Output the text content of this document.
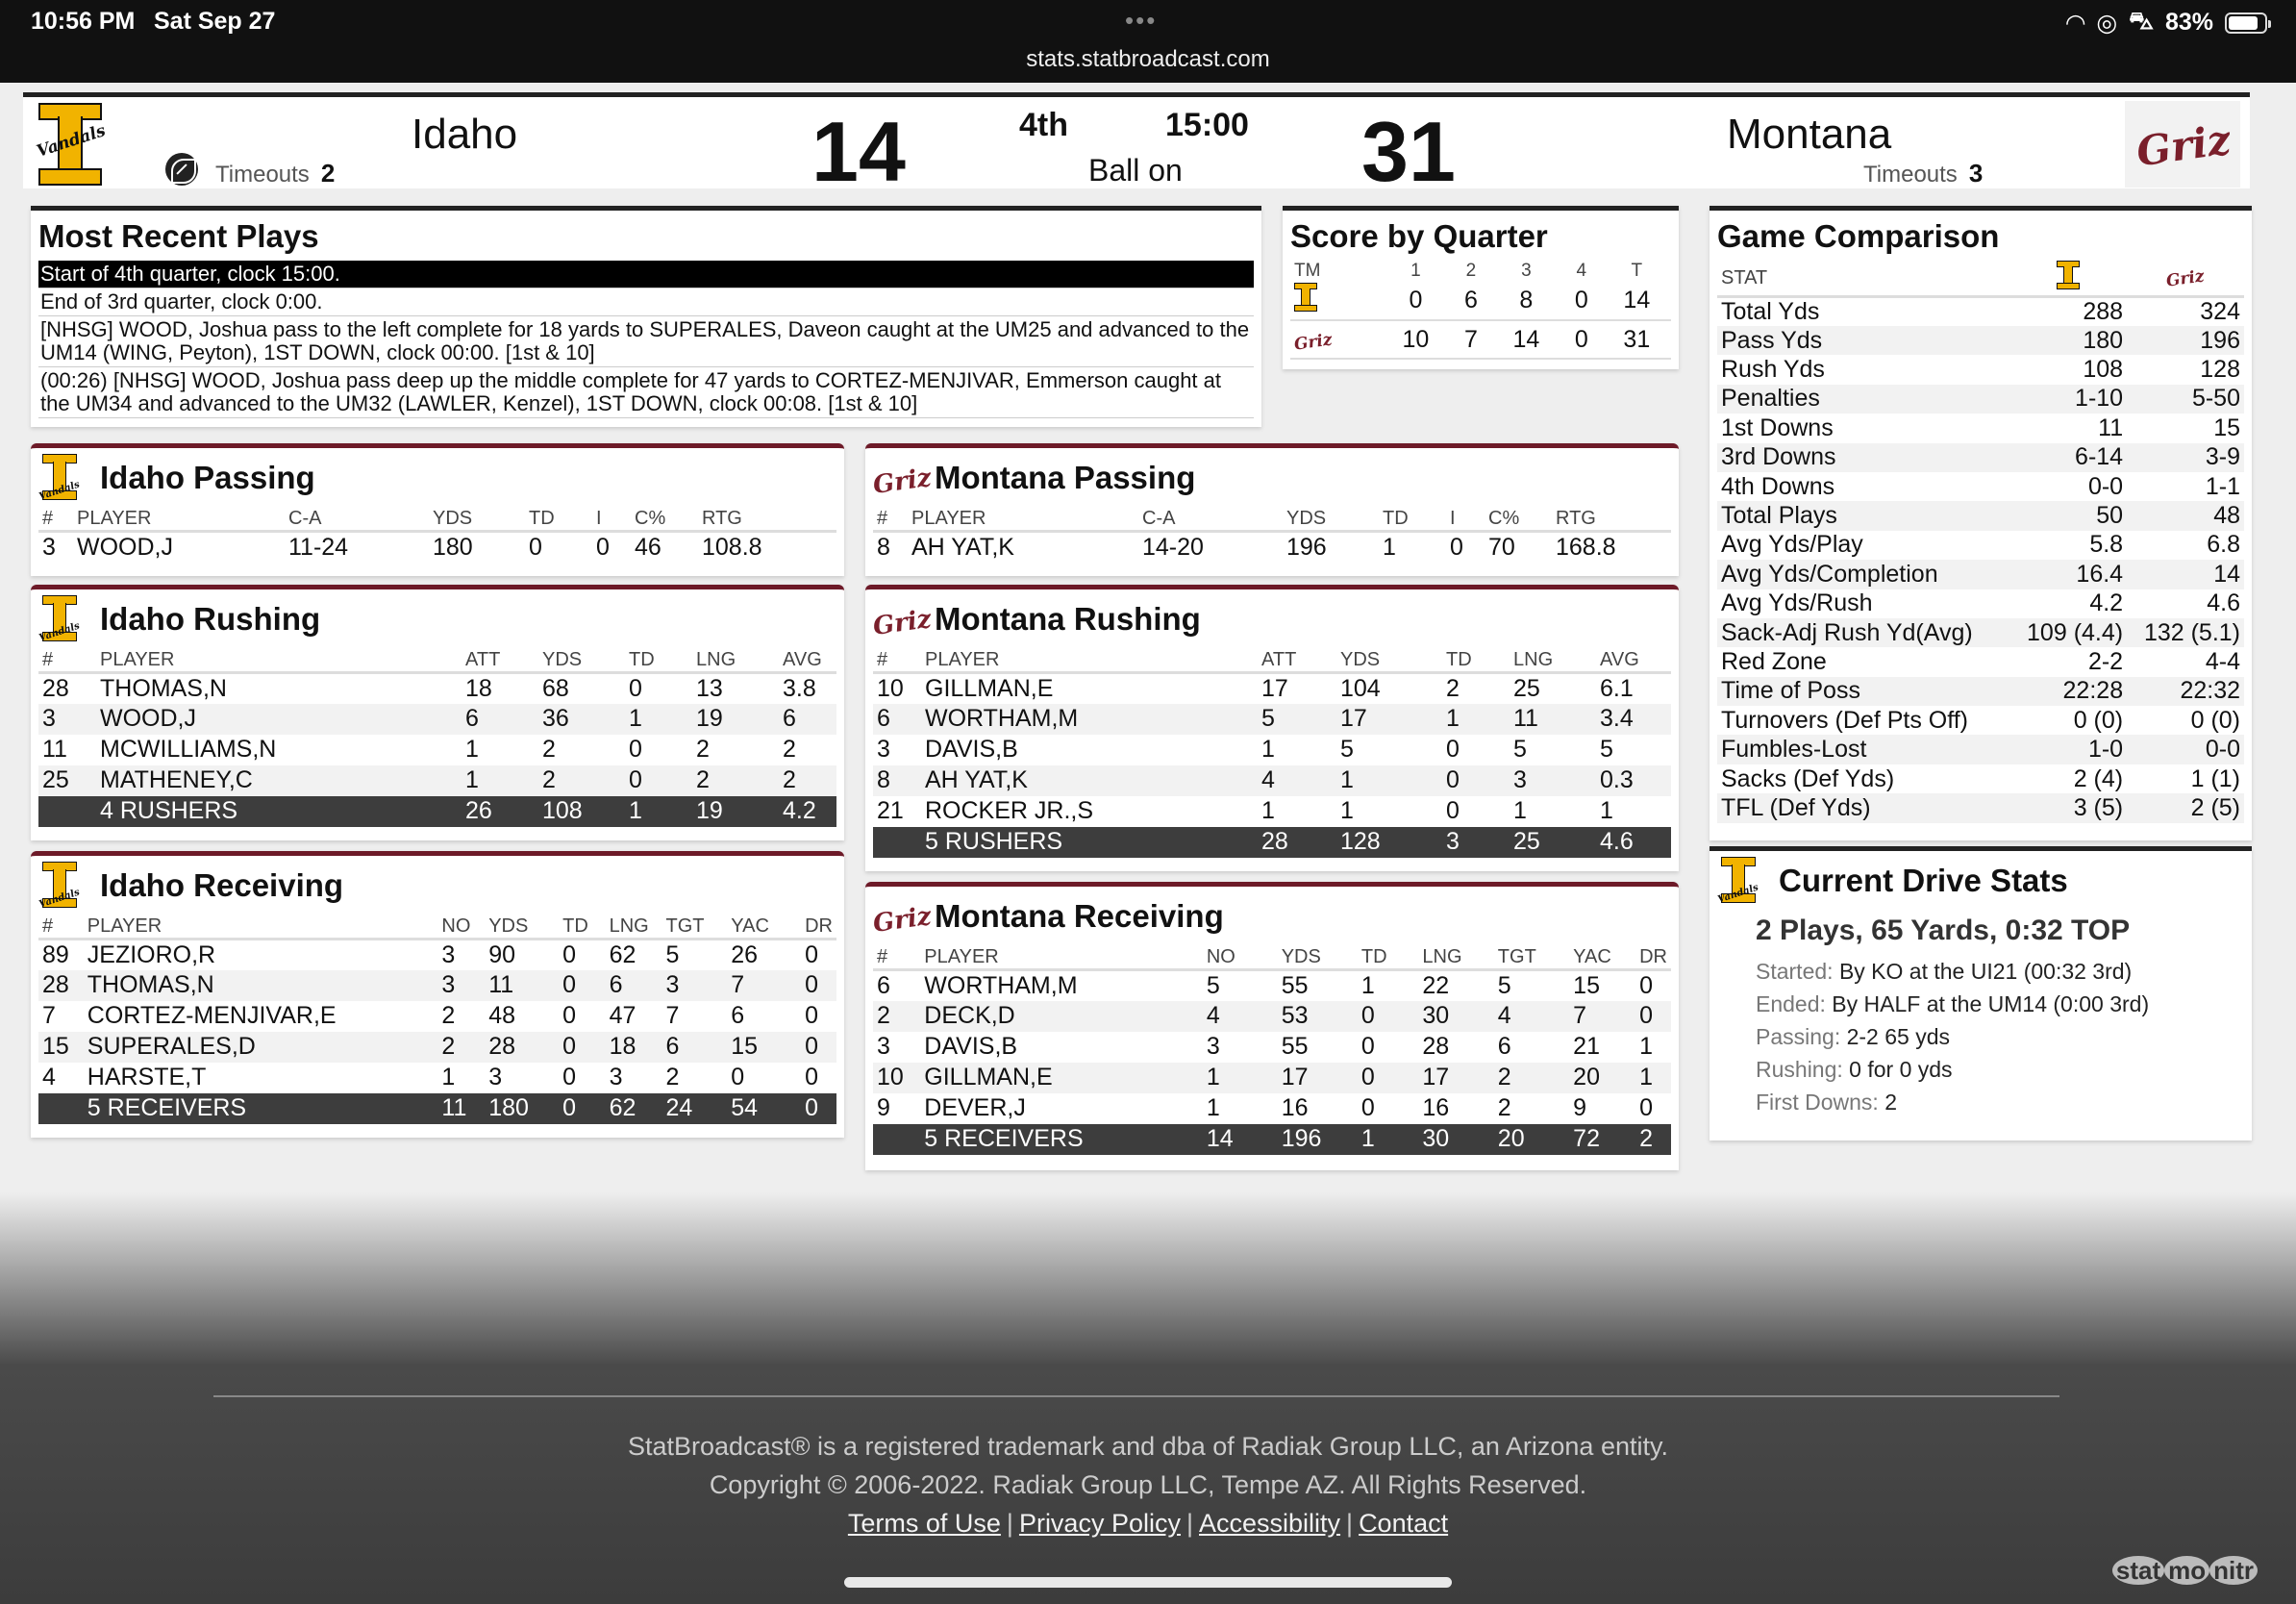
10:56 PM Sat Sep 27	•••
stats.statbroadcast.com
◠ ◎ ⛍ 83%
Vandals
Timeouts 2
Idaho	14	4th	15:00
Ball on 31	Montana
Timeouts 3	Griz
Most Recent Plays
Start of 4th quarter, clock 15:00.
End of 3rd quarter, clock 0:00.
[NHSG] WOOD, Joshua pass to the left complete for 18 yards to SUPERALES, Daveon caught at the UM25 and advanced to the UM14 (WING, Peyton), 1ST DOWN, clock 00:00. [1st & 10]
(00:26) [NHSG] WOOD, Joshua pass deep up the middle complete for 47 yards to CORTEZ-MENJIVAR, Emmerson caught at the UM34 and advanced to the UM32 (LAWLER, Kenzel), 1ST DOWN, clock 00:08. [1st & 10]
Score by Quarter
TM	1	2	3	4	T

	0	6	8	0	14
Griz	10	7	14	0	31
Game Comparison
STAT		Griz
Total Yds	288	324
Pass Yds	180	196
Rush Yds	108	128
Penalties	1-10	5-50
1st Downs	11	15
3rd Downs	6-14	3-9
4th Downs	0-0	1-1
Total Plays	50	48
Avg Yds/Play	5.8	6.8
Avg Yds/Completion	16.4	14
Avg Yds/Rush	4.2	4.6
Sack-Adj Rush Yd(Avg)	109 (4.4)	132 (5.1)
Red Zone	2-2	4-4
Time of Poss	22:28	22:32
Turnovers (Def Pts Off)	0 (0)	0 (0)
Fumbles-Lost	1-0	0-0
Sacks (Def Yds)	2 (4)	1 (1)
TFL (Def Yds)	3 (5)	2 (5)
Vandals Idaho Passing
#	PLAYER	C-A	YDS	TD	I	C%	RTG
3	WOOD,J	11-24	180	0	0	46	108.8
Griz Montana Passing
#	PLAYER	C-A	YDS	TD	I	C%	RTG
8	AH YAT,K	14-20	196	1	0	70	168.8
Vandals Idaho Rushing
#	PLAYER	ATT	YDS	TD	LNG	AVG
28	THOMAS,N	18	68	0	13	3.8
3	WOOD,J	6	36	1	19	6
11	MCWILLIAMS,N	1	2	0	2	2
25	MATHENEY,C	1	2	0	2	2
	4 RUSHERS	26	108	1	19	4.2
Griz Montana Rushing
#	PLAYER	ATT	YDS	TD	LNG	AVG
10	GILLMAN,E	17	104	2	25	6.1
6	WORTHAM,M	5	17	1	11	3.4
3	DAVIS,B	1	5	0	5	5
8	AH YAT,K	4	1	0	3	0.3
21	ROCKER JR.,S	1	1	0	1	1
	5 RUSHERS	28	128	3	25	4.6
Vandals Idaho Receiving
#	PLAYER	NO	YDS	TD	LNG	TGT	YAC	DR
89	JEZIORO,R	3	90	0	62	5	26	0
28	THOMAS,N	3	11	0	6	3	7	0
7	CORTEZ-MENJIVAR,E	2	48	0	47	7	6	0
15	SUPERALES,D	2	28	0	18	6	15	0
4	HARSTE,T	1	3	0	3	2	0	0
	5 RECEIVERS	11	180	0	62	24	54	0
Griz Montana Receiving
#	PLAYER	NO	YDS	TD	LNG	TGT	YAC	DR
6	WORTHAM,M	5	55	1	22	5	15	0
2	DECK,D	4	53	0	30	4	7	0
3	DAVIS,B	3	55	0	28	6	21	1
10	GILLMAN,E	1	17	0	17	2	20	1
9	DEVER,J	1	16	0	16	2	9	0
	5 RECEIVERS	14	196	1	30	20	72	2
Vandals Current Drive Stats
2 Plays, 65 Yards, 0:32 TOP
Started: By KO at the UI21 (00:32 3rd)
Ended: By HALF at the UM14 (0:00 3rd)
Passing: 2-2 65 yds
Rushing: 0 for 0 yds
First Downs: 2
StatBroadcast® is a registered trademark and dba of Radiak Group LLC, an Arizona entity.
Copyright © 2006-2022. Radiak Group LLC, Tempe AZ. All Rights Reserved.
Terms of Use | Privacy Policy | Accessibility | Contact
stat mo nitr
